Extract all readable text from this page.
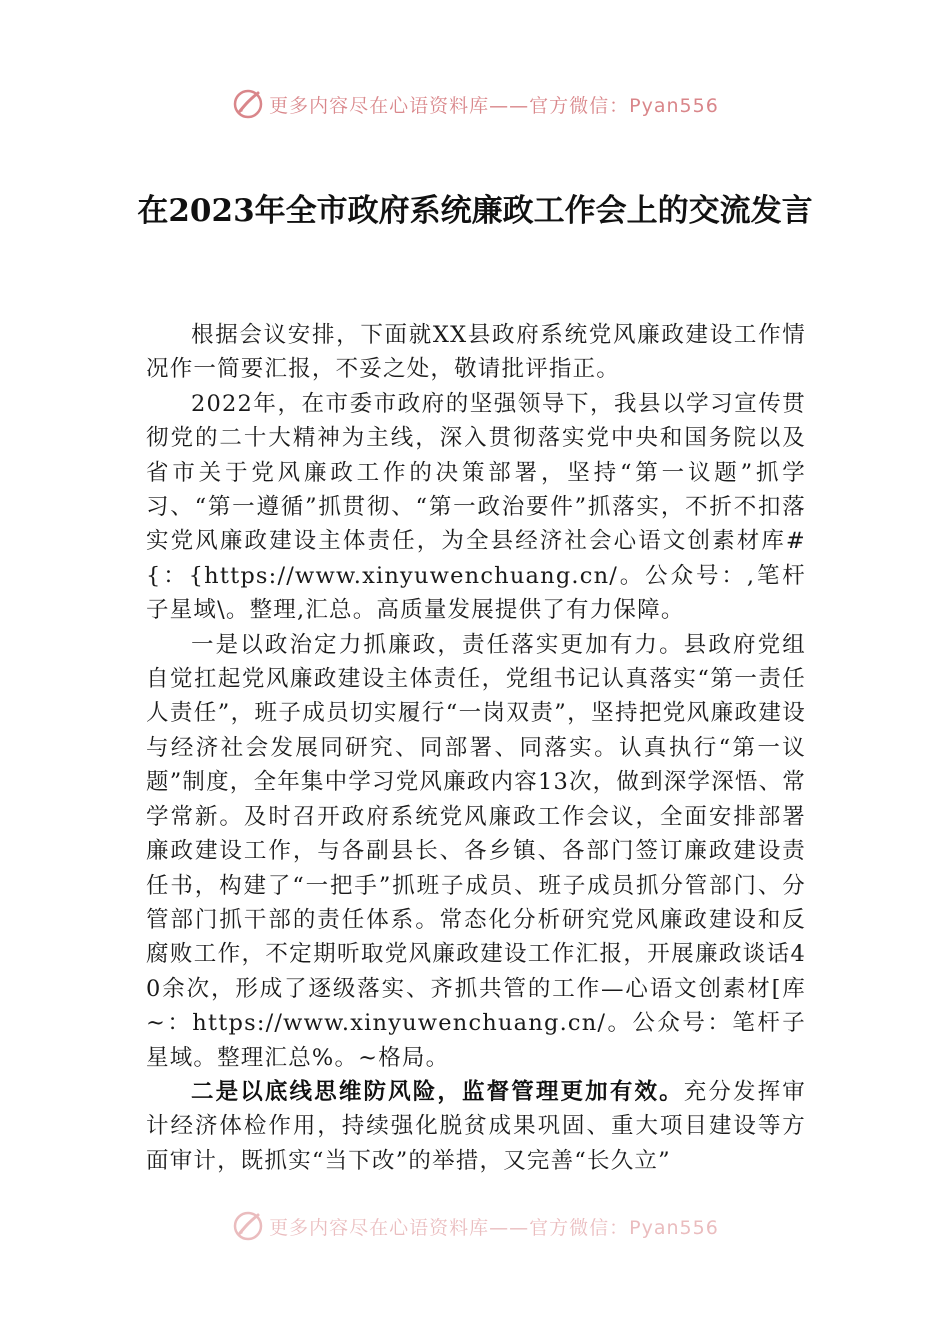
更多内容尽在心语资料库——官方微信：Pyan556
在2023年全市政府系统廉政工作会上的交流发言

根据会议安排，下面就XX县政府系统党风廉政建设工作情况作一简要汇报，不妥之处，敬请批评指正。

2022年，在市委市政府的坚强领导下，我县以学习宣传贯彻党的二十大精神为主线，深入贯彻落实党中央和国务院以及省市关于党风廉政工作的决策部署，坚持“第一议题”抓学习、“第一遵循”抓贯彻、“第一政治要件”抓落实，不折不扣落实党风廉政建设主体责任，为全县经济社会心语文创素材库#{：{https://www.xinyuwenchuang.cn/。公众号：,笔杆子星域\。整理,汇总。高质量发展提供了有力保障。

一是以政治定力抓廉政，责任落实更加有力。县政府党组自觉扛起党风廉政建设主体责任，党组书记认真落实“第一责任人责任”，班子成员切实履行“一岗双责”，坚持把党风廉政建设与经济社会发展同研究、同部署、同落实。认真执行“第一议题”制度，全年集中学习党风廉政内容13次，做到深学深悟、常学常新。及时召开政府系统党风廉政工作会议，全面安排部署廉政建设工作，与各副县长、各乡镇、各部门签订廉政建设责任书，构建了“一把手”抓班子成员、班子成员抓分管部门、分管部门抓干部的责任体系。常态化分析研究党风廉政建设和反腐败工作，不定期听取党风廉政建设工作汇报，开展廉政谈话40余次，形成了逐级落实、齐抓共管的工作—心语文创素材[库~：https://www.xinyuwenchuang.cn/。公众号：笔杆子星域。整理汇总%。~格局。

二是以底线思维防风险，监督管理更加有效。充分发挥审计经济体检作用，持续强化脱贫成果巩固、重大项目建设等方面审计，既抓实“当下改”的举措，又完善“长久立”

更多内容尽在心语资料库——官方微信：Pyan556
